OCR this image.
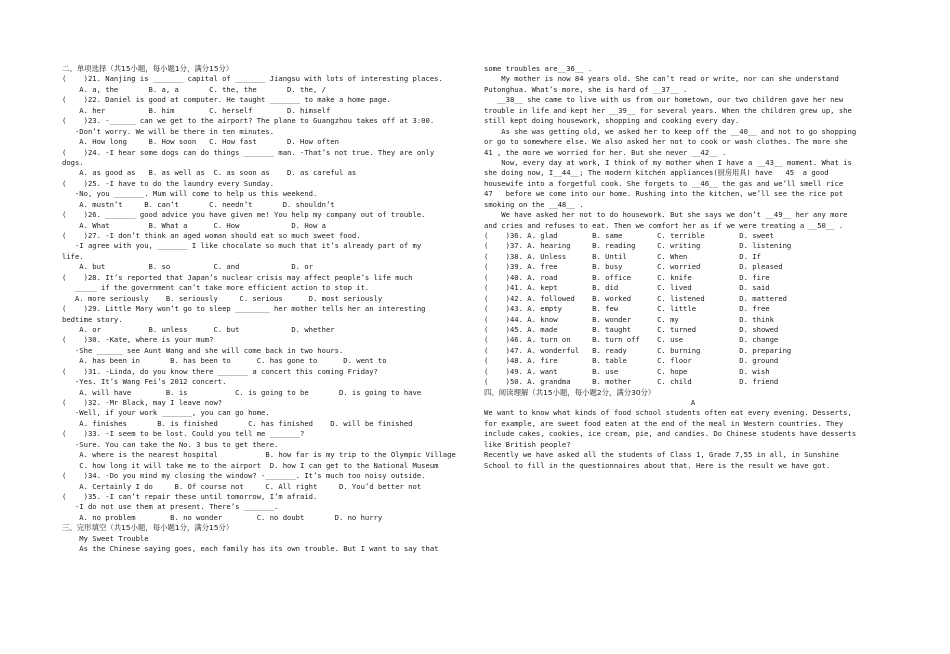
二、单项选择（共15小题，每小题1分，满分15分）
(    )21. Nanjing is _______ capital of _______ Jiangsu with lots of interesting places.
A. a, the       B. a, a       C. the, the       D. the, /
(    )22. Daniel is good at computer. He taught _______ to make a home page.
A. her          B. him        C. herself        D. himself
(    )23. -______ can we get to the airport? The plane to Guangzhou takes off at 3:00.
-Don’t worry. We will be there in ten minutes.
A. How long     B. How soon   C. How fast       D. How often
(    )24. -I hear some dogs can do things _______ man. -That’s not true. They are only
dogs.
A. as good as   B. as well as  C. as soon as    D. as careful as
(    )25. -I have to do the laundry every Sunday.
-No, you _______. Mum will come to help us this weekend.
A. mustn’t     B. can’t       C. needn’t       D. shouldn’t
(    )26. _______ good advice you have given me! You help my company out of trouble.
A. What         B. What a      C. How            D. How a
(    )27. -I don’t think an aged woman should eat so much sweet food.
-I agree with you, _______ I like chocolate so much that it’s already part of my
life.
A. but          B. so          C. and            D. or
(    )28. It’s reported that Japan’s nuclear crisis may affect people’s life much
_____ if the government can’t take more efficient action to stop it.
A. more seriously    B. seriously     C. serious      D. most seriously
(    )29. Little Mary won’t go to sleep ________ her mother tells her an interesting
bedtime story.
A. or           B. unless      C. but            D. whether
(    )30. -Kate, where is your mum?
-She ______ see Aunt Wang and she will come back in two hours.
A. has been in       B. has been to      C. has gone to      D. went to
(    )31. -Linda, do you know there _______ a concert this coming Friday?
-Yes. It’s Wang Fei’s 2012 concert.
A. will have        B. is           C. is going to be       D. is going to have
(    )32. -Mr Black, may I leave now?
-Well, if your work _______, you can go home.
A. finishes       B. is finished       C. has finished    D. will be finished
(    )33. -I seem to be lost. Could you tell me _______?
-Sure. You can take the No. 3 bus to get there.
A. where is the nearest hospital           B. how far is my trip to the Olympic Village
C. how long it will take me to the airport  D. how I can get to the National Museum
(    )34. -Do you mind my closing the window? -_______. It’s much too noisy outside.
A. Certainly I do     B. Of course not     C. All right     D. You’d better not
(    )35. -I can’t repair these until tomorrow, I’m afraid.
-I do not use them at present. There’s _______.
A. no problem        B. no wonder        C. no doubt       D. no hurry
三、完形填空（共15小题，每小题1分，满分15分）
My Sweet Trouble
As the Chinese saying goes, each family has its own trouble. But I want to say that
some troubles are__36__ .
My mother is now 84 years old. She can’t read or write, nor can she understand
Putonghua. What’s more, she is hard of __37__ .
__38__ she came to live with us from our hometown, our two children gave her new
trouble in life and kept her __39__ for several years. When the children grew up, she
still kept doing housework, shopping and cooking every day.
As she was getting old, we asked her to keep off the __40__ and not to go shopping
or go to somewhere else. We also asked her not to cook or wash clothes. The more she
41 , the more we worried for her. But she never __42__ .
Now, every day at work, I think of my mother when I have a __43__ moment. What is
she doing now, I__44__; The modern kitchen appliances(厨房用具) have   45  a good
housewife into a forgetful cook. She forgets to __46__ the gas and we’ll smell rice
47   before we come into our home. Rushing into the kitchen, we’ll see the rice pot
smoking on the __48__ .
We have asked her not to do housework. But she says we don’t __49__ her any more
and cries and refuses to eat. Then we comfort her as if we were treating a __50__ .
(    )36. A. glad        B. same        C. terrible        D. sweet
(    )37. A. hearing     B. reading     C. writing         D. listening
(    )38. A. Unless      B. Until       C. When            D. If
(    )39. A. free        B. busy        C. worried         D. pleased
(    )40. A. road        B. office      C. knife           D. fire
(    )41. A. kept        B. did         C. lived           D. said
(    )42. A. followed    B. worked      C. listened        D. mattered
(    )43. A. empty       B. few         C. little          D. free
(    )44. A. know        B. wonder      C. my              D. think
(    )45. A. made        B. taught      C. turned          D. showed
(    )46. A. turn on     B. turn off    C. use             D. change
(    )47. A. wonderful   B. ready       C. burning         D. preparing
(    )48. A. fire        B. table       C. floor           D. ground
(    )49. A. want        B. use         C. hope            D. wish
(    )50. A. grandma     B. mother      C. child           D. friend
四、阅读理解（共15小题，每小题2分，满分30分）
A
We want to know what kinds of food school students often eat every evening. Desserts,
for example, are sweet food eaten at the end of the meal in Western countries. They
include cakes, cookies, ice cream, pie, and candies. Do Chinese students have desserts
like British people?
Recently we have asked all the students of Class 1, Grade 7,55 in all, in Sunshine
School to fill in the questionnaires about that. Here is the result we have got.
